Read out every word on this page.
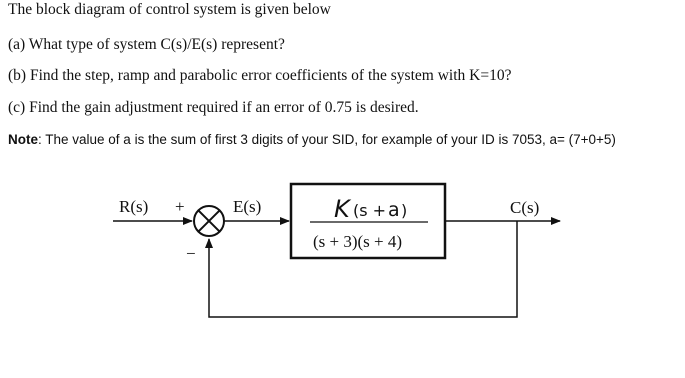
The block diagram of control system is given below
(a) What type of system C(s)/E(s) represent?
(b) Find the step, ramp and parabolic error coefficients of the system with K=10?
(c) Find the gain adjustment required if an error of 0.75 is desired.
Note: The value of a is the sum of first 3 digits of your SID, for example of your ID is 7053, a= (7+0+5)
R(s) +
−
E(s)	C(s)
K (s + a )
(s + 3)(s + 4)
